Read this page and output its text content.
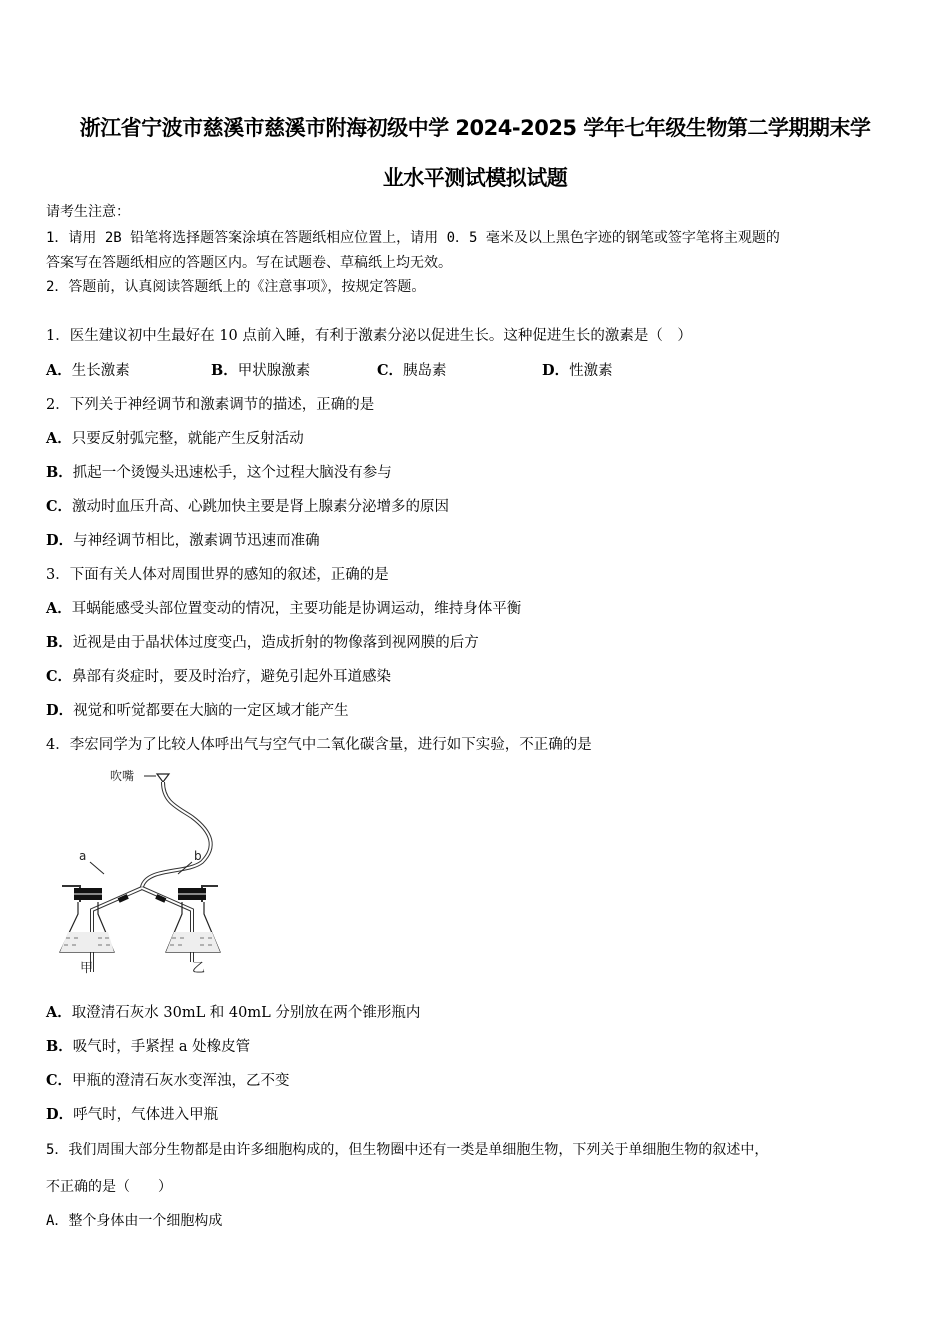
浙江省宁波市慈溪市慈溪市附海初级中学 2024-2025 学年七年级生物第二学期期末学
业水平测试模拟试题
请考生注意：
1．请用 2B 铅笔将选择题答案涂填在答题纸相应位置上，请用 0．5 毫米及以上黑色字迹的钢笔或签字笔将主观题的
答案写在答题纸相应的答题区内。写在试题卷、草稿纸上均无效。
2．答题前，认真阅读答题纸上的《注意事项》，按规定答题。
1．医生建议初中生最好在 10 点前入睡，有利于激素分泌以促进生长。这种促进生长的激素是（　）
A．生长激素	B．甲状腺激素	C．胰岛素	D．性激素
2．下列关于神经调节和激素调节的描述，正确的是
A．只要反射弧完整，就能产生反射活动
B．抓起一个烫馒头迅速松手，这个过程大脑没有参与
C．激动时血压升高、心跳加快主要是肾上腺素分泌增多的原因
D．与神经调节相比，激素调节迅速而准确
3．下面有关人体对周围世界的感知的叙述，正确的是
A．耳蜗能感受头部位置变动的情况，主要功能是协调运动，维持身体平衡
B．近视是由于晶状体过度变凸，造成折射的物像落到视网膜的后方
C．鼻部有炎症时，要及时治疗，避免引起外耳道感染
D．视觉和听觉都要在大脑的一定区域才能产生
4．李宏同学为了比较人体呼出气与空气中二氧化碳含量，进行如下实验，不正确的是
吹嘴
a	b
甲	乙
A．取澄清石灰水 30mL 和 40mL 分别放在两个锥形瓶内
B．吸气时，手紧捏 a 处橡皮管
C．甲瓶的澄清石灰水变浑浊，乙不变
D．呼气时，气体进入甲瓶
5．我们周围大部分生物都是由许多细胞构成的，但生物圈中还有一类是单细胞生物，下列关于单细胞生物的叙述中，
不正确的是（　　）
A．整个身体由一个细胞构成
